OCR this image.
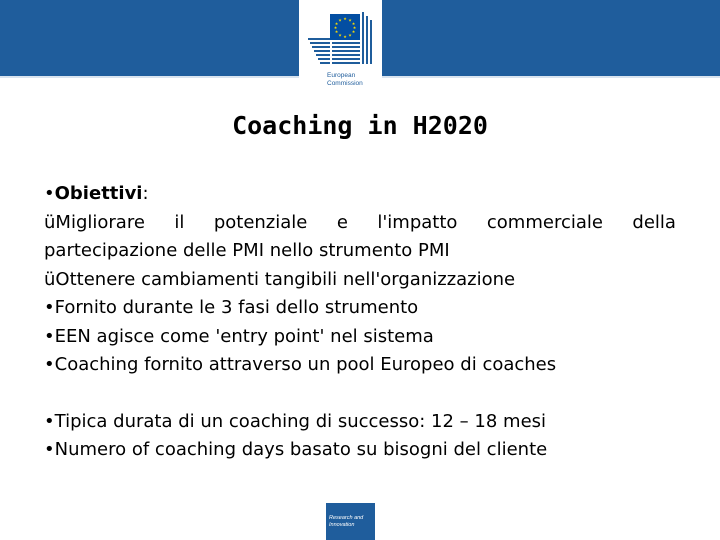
★ ★
★
★
★
★
★
★
★
★
★
★
European
Commission
Coaching in H2020
•Obiettivi:
üMigliorare il potenziale e l'impatto commerciale della
partecipazione delle PMI nello strumento PMI
üOttenere cambiamenti tangibili nell'organizzazione
•Fornito durante le 3 fasi dello strumento
•EEN agisce come 'entry point' nel sistema
•Coaching fornito attraverso un pool Europeo di coaches
•Tipica durata di un coaching di successo: 12 – 18 mesi
•Numero of coaching days basato su bisogni del cliente
Research and
Innovation
